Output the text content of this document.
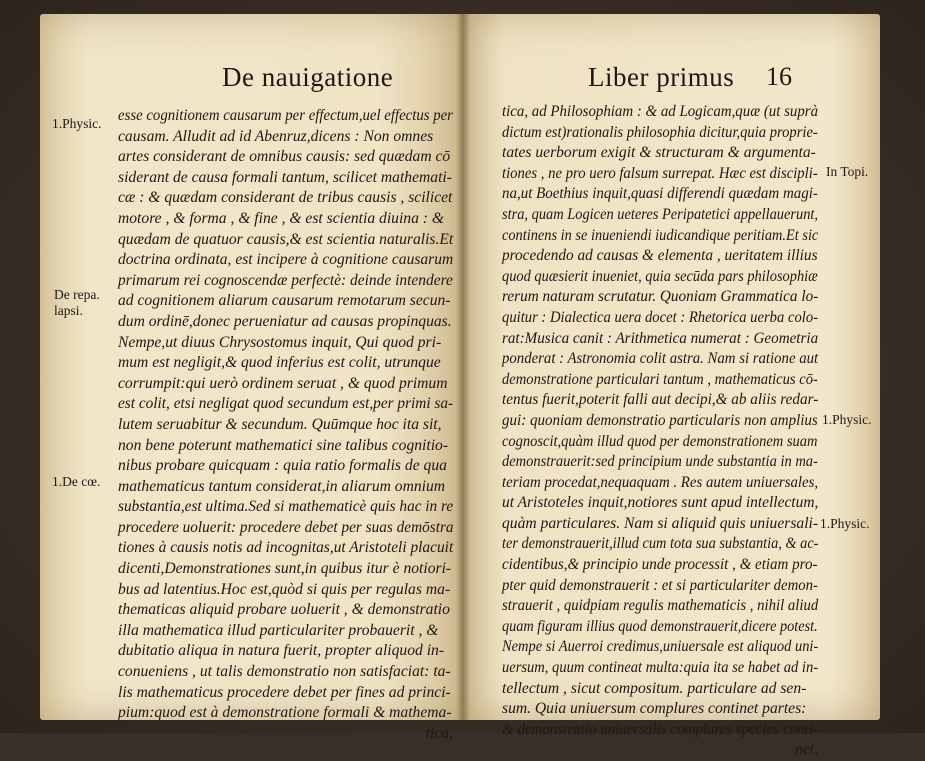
De nauigatione
esse cognitionem causarum per effectum,uel effectus per
causam. Alludit ad id Abenruz,dicens : Non omnes
artes considerant de omnibus causis: sed quædam cō
siderant de causa formali tantum, scilicet mathemati-
cæ : & quædam considerant de tribus causis , scilicet
motore , & forma , & fine , & est scientia diuina : &
quædam de quatuor causis,& est scientia naturalis.Et
doctrina ordinata, est incipere à cognitione causarum
primarum rei cognoscendæ perfectè: deinde intendere
ad cognitionem aliarum causarum remotarum secun-
dum ordinē,donec perueniatur ad causas propinquas.
Nempe,ut diuus Chrysostomus inquit, Qui quod pri-
mum est negligit,& quod inferius est colit, utrunque
corrumpit:qui uerò ordinem seruat , & quod primum
est colit, etsi negligat quod secundum est,per primi sa-
lutem seruabitur & secundum. Quūmque hoc ita sit,
non bene poterunt mathematici sine talibus cognitio-
nibus probare quicquam : quia ratio formalis de qua
mathematicus tantum considerat,in aliarum omnium
substantia,est ultima.Sed si mathematicè quis hac in re
procedere uoluerit: procedere debet per suas demōstra
tiones à causis notis ad incognitas,ut Aristoteli placuit
dicenti,Demonstrationes sunt,in quibus itur è notiori-
bus ad latentius.Hoc est,quòd si quis per regulas ma-
thematicas aliquid probare uoluerit , & demonstratio
illa mathematica illud particulariter probauerit , &
dubitatio aliqua in natura fuerit, propter aliquod in-
conueniens , ut talis demonstratio non satisfaciat: ta-
lis mathematicus procedere debet per fines ad princi-
pium:quod est à demonstratione formali & mathema-
tica,
1.Physic.
De repa. lapsi.
1.De cœ.
Liber primus 16
tica, ad Philosophiam : & ad Logicam,quæ (ut suprà
dictum est)rationalis philosophia dicitur,quia proprie-
tates uerborum exigit & structuram & argumenta-
tiones , ne pro uero falsum surrepat. Hæc est discipli-
na,ut Boethius inquit,quasi differendi quædam magi-
stra, quam Logicen ueteres Peripatetici appellauerunt,
continens in se inueniendi iudicandique peritiam.Et sic
procedendo ad causas & elementa , ueritatem illius
quod quæsierit inueniet, quia secūda pars philosophiæ
rerum naturam scrutatur. Quoniam Grammatica lo-
quitur : Dialectica uera docet : Rhetorica uerba colo-
rat:Musica canit : Arithmetica numerat : Geometria
ponderat : Astronomia colit astra. Nam si ratione aut
demonstratione particulari tantum , mathematicus cō-
tentus fuerit,poterit falli aut decipi,& ab aliis redar-
gui: quoniam demonstratio particularis non amplius
cognoscit,quàm illud quod per demonstrationem suam
demonstrauerit:sed principium unde substantia in ma-
teriam procedat,nequaquam . Res autem uniuersales,
ut Aristoteles inquit,notiores sunt apud intellectum,
quàm particulares. Nam si aliquid quis uniuersali-
ter demonstrauerit,illud cum tota sua substantia, & ac-
cidentibus,& principio unde processit , & etiam pro-
pter quid demonstrauerit : et si particulariter demon-
strauerit , quidpiam regulis mathematicis , nihil aliud
quam figuram illius quod demonstrauerit,dicere potest.
Nempe si Auerroi credimus,uniuersale est aliquod uni-
uersum, quum contineat multa:quia ita se habet ad in-
tellectum , sicut compositum. particulare ad sen-
sum. Quia uniuersum complures continet partes:
& demonstratio uniuersalis complures species conti-
net,
In Topi.
1.Physic.
1.Physic.
